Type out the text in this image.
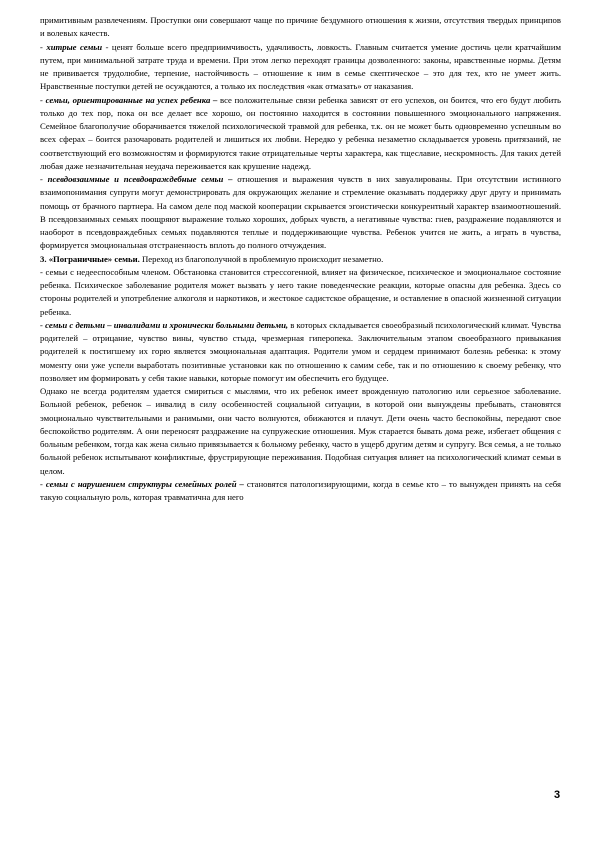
примитивным развлечениям. Проступки они совершают чаще по причине бездумного отношения к жизни, отсутствия твердых принципов и волевых качеств.

- хитрые семьи - ценят больше всего предприимчивость, удачливость, ловкость. Главным считается умение достичь цели кратчайшим путем, при минимальной затрате труда и времени. При этом легко переходят границы дозволенного: законы, нравственные нормы. Детям не прививается трудолюбие, терпение, настойчивость – отношение к ним в семье скептическое – это для тех, кто не умеет жить. Нравственные поступки детей не осуждаются, а только их последствия «как отмазать» от наказания.

- семьи, ориентированные на успех ребенка – все положительные связи ребенка зависят от его успехов, он боится, что его будут любить только до тех пор, пока он все делает все хорошо, он постоянно находится в состоянии повышенного эмоционального напряжения. Семейное благополучие оборачивается тяжелой психологической травмой для ребенка, т.к. он не может быть одновременно успешным во всех сферах – боится разочаровать родителей и лишиться их любви. Нередко у ребенка незаметно складывается уровень притязаний, не соответствующий его возможностям и формируются такие отрицательные черты характера, как тщеславие, нескромность. Для таких детей любая даже незначительная неудача переживается как крушение надежд.

- псевдовзаимные и псевдовраждебные семьи – отношения и выражения чувств в них завуалированы. При отсутствии истинного взаимопонимания супруги могут демонстрировать для окружающих желание и стремление оказывать поддержку друг другу и принимать помощь от брачного партнера. На самом деле под маской кооперации скрывается эгоистически конкурентный характер взаимоотношений. В псевдовзаимных семьях поощряют выражение только хороших, добрых чувств, а негативные чувства: гнев, раздражение подавляются и наоборот в псевдовраждебных семьях подавляются теплые и поддерживающие чувства. Ребенок учится не жить, а играть в чувства, формируется эмоциональная отстраненность вплоть до полного отчуждения.

3. «Пограничные» семьи. Переход из благополучной в проблемную происходит незаметно.

- семьи с недееспособным членом. Обстановка становится стрессогенной, влияет на физическое, психическое и эмоциональное состояние ребенка. Психическое заболевание родителя может вызвать у него такие поведенческие реакции, которые опасны для ребенка. Здесь со стороны родителей и употребление алкоголя и наркотиков, и жестокое садистское обращение, и оставление в опасной жизненной ситуации ребенка.

- семьи с детьми – инвалидами и хронически больными детьми, в которых складывается своеобразный психологический климат. Чувства родителей – отрицание, чувство вины, чувство стыда, чрезмерная гиперопека. Заключительным этапом своеобразного привыкания родителей к постигшему их горю является эмоциональная адаптация. Родители умом и сердцем принимают болезнь ребенка: к этому моменту они уже успели выработать позитивные установки как по отношению к самим себе, так и по отношению к своему ребенку, что позволяет им формировать у себя такие навыки, которые помогут им обеспечить его будущее.

Однако не всегда родителям удается смириться с мыслями, что их ребенок имеет врожденную патологию или серьезное заболевание. Больной ребенок, ребенок – инвалид в силу особенностей социальной ситуации, в которой они вынуждены пребывать, становятся эмоционально чувствительными и ранимыми, они часто волнуются, обижаются и плачут. Дети очень часто беспокойны, передают свое беспокойство родителям. А они переносят раздражение на супружеские отношения. Муж старается бывать дома реже, избегает общения с больным ребенком, тогда как жена сильно привязывается к больному ребенку, часто в ущерб другим детям и супругу. Вся семья, а не только больной ребенок испытывают конфликтные, фрустрирующие переживания. Подобная ситуация влияет на психологический климат семьи в целом.

- семьи с нарушением структуры семейных ролей – становятся патологизирующими, когда в семье кто – то вынужден принять на себя такую социальную роль, которая травматична для него

3
